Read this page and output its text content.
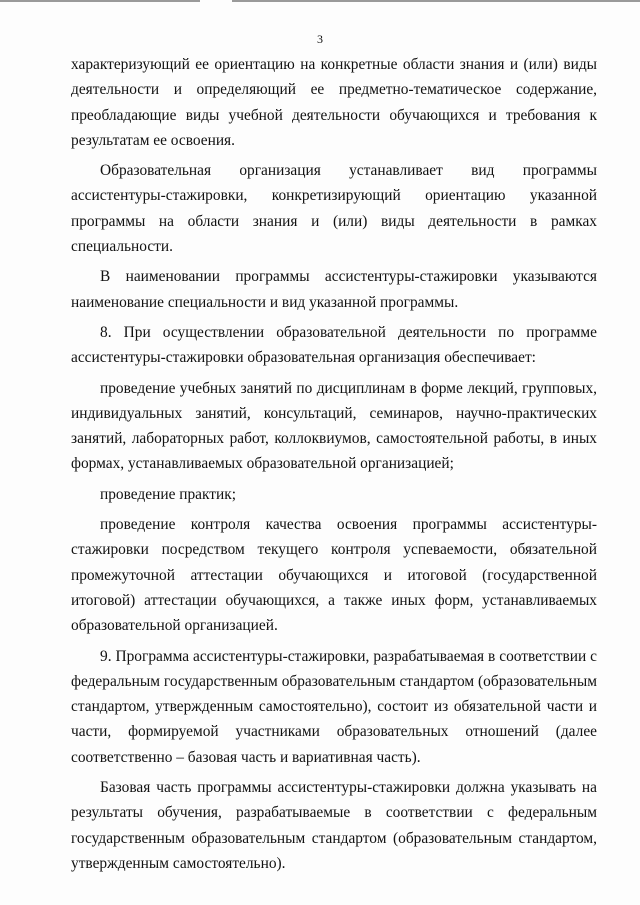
3

характеризующий ее ориентацию на конкретные области знания и (или) виды деятельности и определяющий ее предметно-тематическое содержание, преобладающие виды учебной деятельности обучающихся и требования к результатам ее освоения.

Образовательная организация устанавливает вид программы ассистентуры-стажировки, конкретизирующий ориентацию указанной программы на области знания и (или) виды деятельности в рамках специальности.

В наименовании программы ассистентуры-стажировки указываются наименование специальности и вид указанной программы.

8. При осуществлении образовательной деятельности по программе ассистентуры-стажировки образовательная организация обеспечивает:

проведение учебных занятий по дисциплинам в форме лекций, групповых, индивидуальных занятий, консультаций, семинаров, научно-практических занятий, лабораторных работ, коллоквиумов, самостоятельной работы, в иных формах, устанавливаемых образовательной организацией;

проведение практик;

проведение контроля качества освоения программы ассистентуры-стажировки посредством текущего контроля успеваемости, обязательной промежуточной аттестации обучающихся и итоговой (государственной итоговой) аттестации обучающихся, а также иных форм, устанавливаемых образовательной организацией.

9. Программа ассистентуры-стажировки, разрабатываемая в соответствии с федеральным государственным образовательным стандартом (образовательным стандартом, утвержденным самостоятельно), состоит из обязательной части и части, формируемой участниками образовательных отношений (далее соответственно – базовая часть и вариативная часть).

Базовая часть программы ассистентуры-стажировки должна указывать на результаты обучения, разрабатываемые в соответствии с федеральным государственным образовательным стандартом (образовательным стандартом, утвержденным самостоятельно).
